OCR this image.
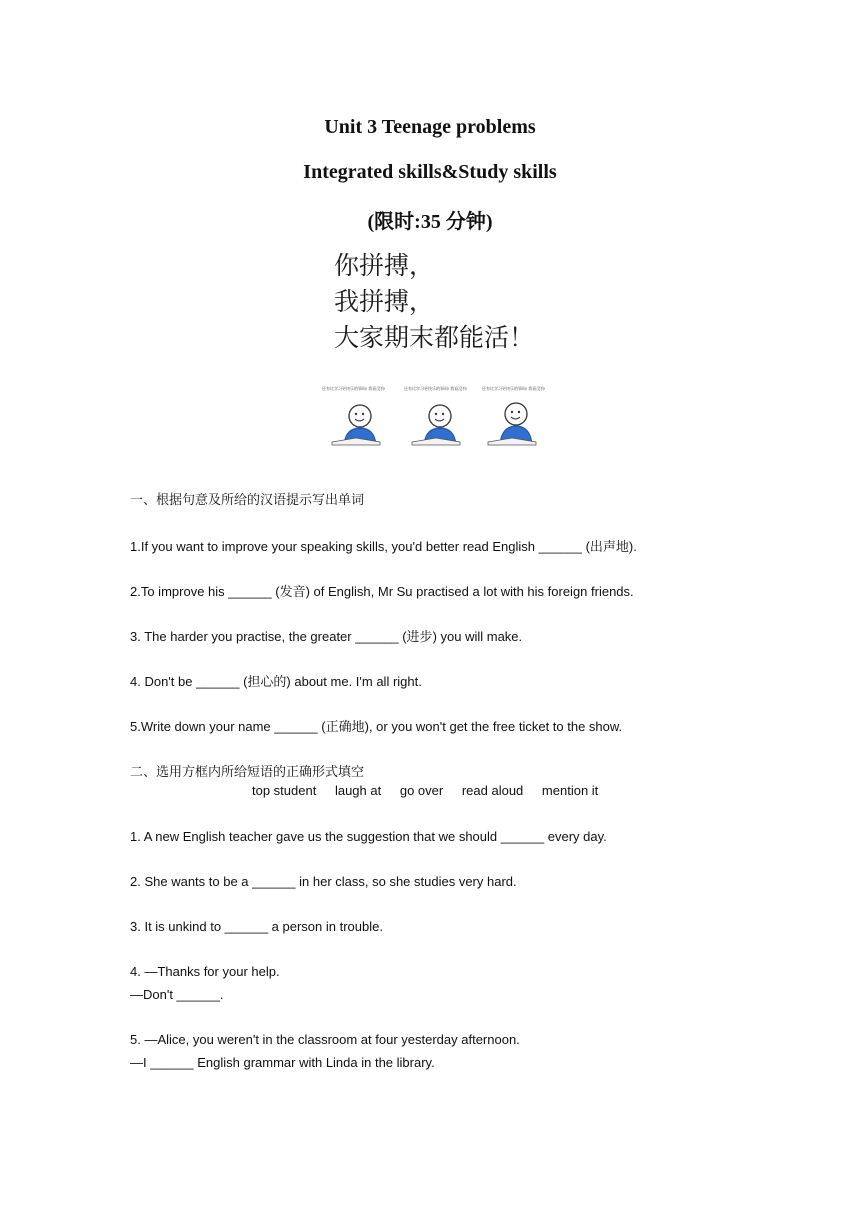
Unit 3 Teenage problems
Integrated skills&Study skills
(限时:35 分钟)
你拼搏，
我拼搏，
大家期末都能活！
还有比学习更快乐的事吗! 我看没有!	还有比学习更快乐的事吗! 我看没有!	还有比学习更快乐的事吗! 我看没有!
一、根据句意及所给的汉语提示写出单词
1.If you want to improve your speaking skills, you'd better read English ______ (出声地).
2.To improve his ______ (发音) of English, Mr Su practised a lot with his foreign friends.
3. The harder you practise, the greater ______ (进步) you will make.
4. Don't be ______ (担心的) about me. I'm all right.
5.Write down your name ______ (正确地), or you won't get the free ticket to the show.
二、选用方框内所给短语的正确形式填空
top student laugh at go over read aloud mention it
1. A new English teacher gave us the suggestion that we should ______ every day.
2. She wants to be a ______ in her class, so she studies very hard.
3. It is unkind to ______ a person in trouble.
4. —Thanks for your help.
—Don't ______.
5. —Alice, you weren't in the classroom at four yesterday afternoon.
—I ______ English grammar with Linda in the library.
